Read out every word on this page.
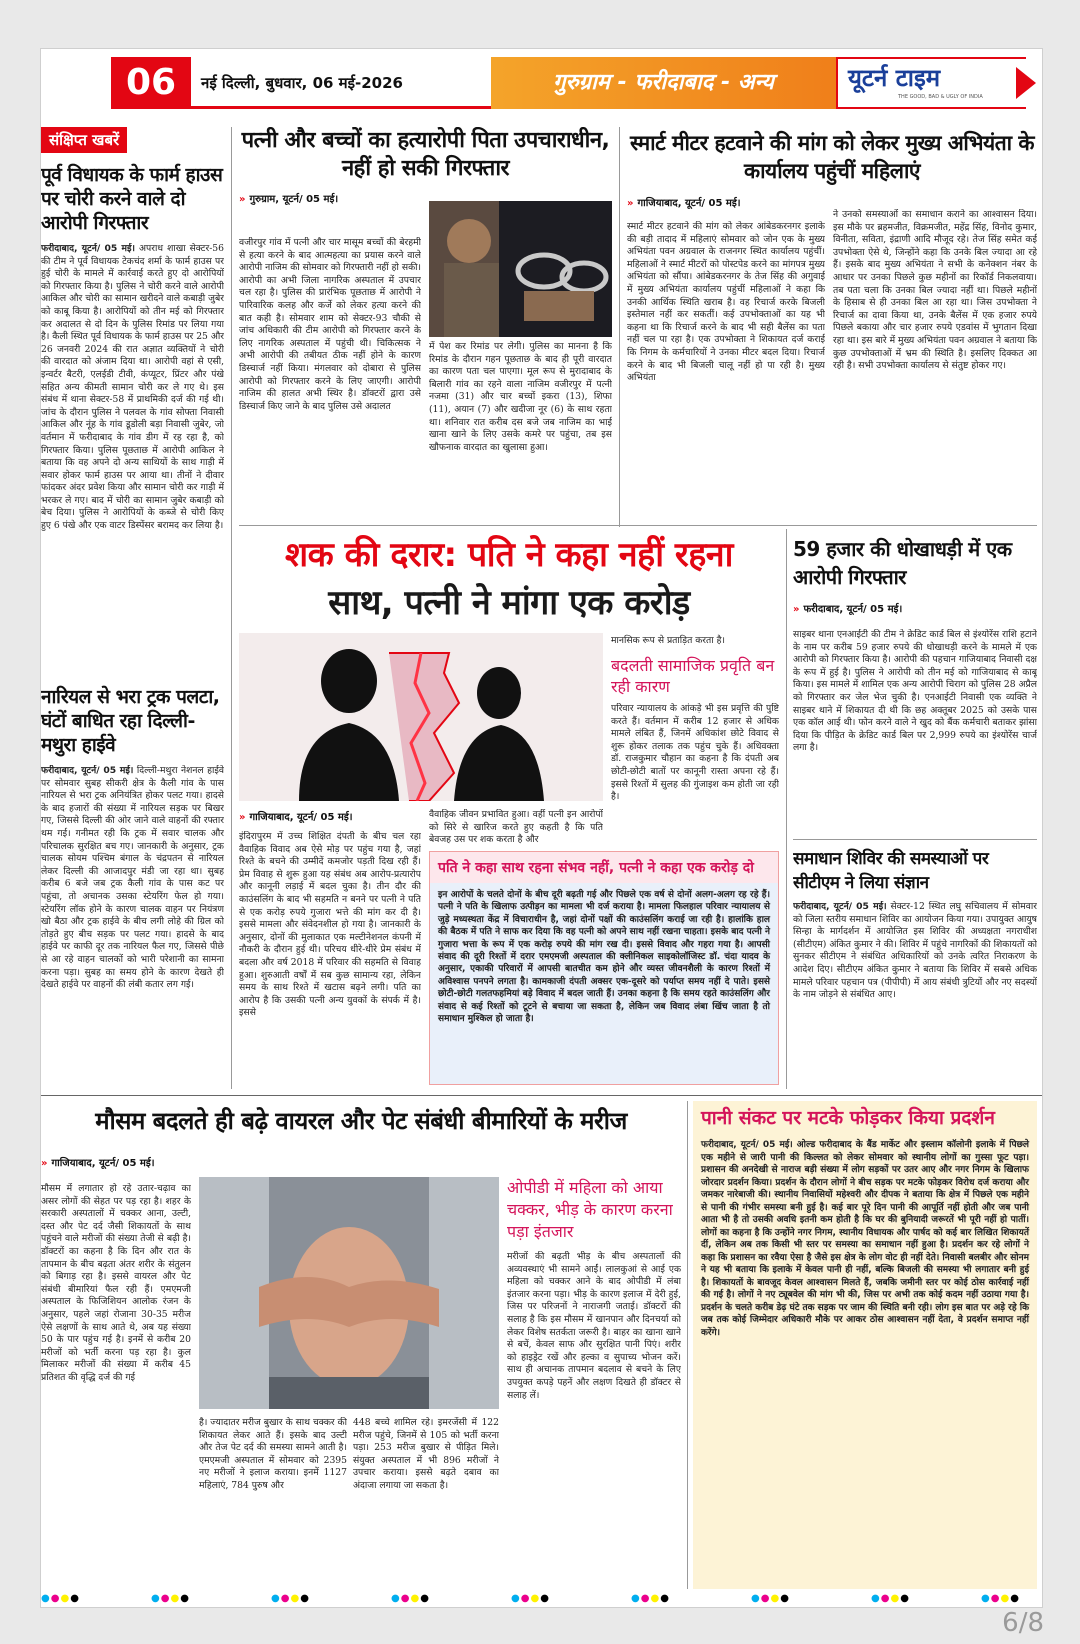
06	नई दिल्ली, बुधवार, 06 मई-2026	गुरुग्राम - फरीदाबाद - अन्य	यूटर्न टाइम
THE GOOD, BAD & UGLY OF INDIA
संक्षिप्त खबरें
पूर्व विधायक के फार्म हाउस पर चोरी करने वाले दो आरोपी गिरफ्तार
फरीदाबाद, यूटर्न/ 05 मई। अपराध शाखा सेक्टर-56 की टीम ने पूर्व विधायक टेकचंद शर्मा के फार्म हाउस पर हुई चोरी के मामले में कार्रवाई करते हुए दो आरोपियों को गिरफ्तार किया है। पुलिस ने चोरी करने वाले आरोपी आकिल और चोरी का सामान खरीदने वाले कबाड़ी जुबेर को काबू किया है। आरोपियों को तीन मई को गिरफ्तार कर अदालत से दो दिन के पुलिस रिमांड पर लिया गया है। कैली स्थित पूर्व विधायक के फार्म हाउस पर 25 और 26 जनवरी 2024 की रात अज्ञात व्यक्तियों ने चोरी की वारदात को अंजाम दिया था। आरोपी वहां से एसी, इन्वर्टर बैटरी, एलईडी टीवी, कंप्यूटर, प्रिंटर और पंखे सहित अन्य कीमती सामान चोरी कर ले गए थे। इस संबंध में थाना सेक्टर-58 में प्राथमिकी दर्ज की गई थी। जांच के दौरान पुलिस ने पलवल के गांव सोफ्ता निवासी आकिल और नूंह के गांव डूडोली बड़ा निवासी जुबेर, जो वर्तमान में फरीदाबाद के गांव डीग में रह रहा है, को गिरफ्तार किया। पुलिस पूछताछ में आरोपी आकिल ने बताया कि वह अपने दो अन्य साथियों के साथ गाड़ी में सवार होकर फार्म हाउस पर आया था। तीनों ने दीवार फांदकर अंदर प्रवेश किया और सामान चोरी कर गाड़ी में भरकर ले गए। बाद में चोरी का सामान जुबेर कबाड़ी को बेच दिया। पुलिस ने आरोपियों के कब्जे से चोरी किए हुए 6 पंखे और एक वाटर डिस्पेंसर बरामद कर लिया है।
नारियल से भरा ट्रक पलटा, घंटों बाधित रहा दिल्ली-मथुरा हाईवे
फरीदाबाद, यूटर्न/ 05 मई। दिल्ली-मथुरा नेशनल हाईवे पर सोमवार सुबह सीकरी क्षेत्र के कैली गांव के पास नारियल से भरा ट्रक अनियंत्रित होकर पलट गया। हादसे के बाद हजारों की संख्या में नारियल सड़क पर बिखर गए, जिससे दिल्ली की ओर जाने वाले वाहनों की रफ्तार थम गई। गनीमत रही कि ट्रक में सवार चालक और परिचालक सुरक्षित बच गए। जानकारी के अनुसार, ट्रक चालक सोयम पश्चिम बंगाल के चंद्रपतन से नारियल लेकर दिल्ली की आजादपुर मंडी जा रहा था। सुबह करीब 6 बजे जब ट्रक कैली गांव के पास कट पर पहुंचा, तो अचानक उसका स्टेयरिंग फेल हो गया। स्टेयरिंग लॉक होने के कारण चालक वाहन पर नियंत्रण खो बैठा और ट्रक हाईवे के बीच लगी लोहे की ग्रिल को तोड़ते हुए बीच सड़क पर पलट गया। हादसे के बाद हाईवे पर काफी दूर तक नारियल फैल गए, जिससे पीछे से आ रहे वाहन चालकों को भारी परेशानी का सामना करना पड़ा। सुबह का समय होने के कारण देखते ही देखते हाईवे पर वाहनों की लंबी कतार लग गई।
पत्नी और बच्चों का हत्यारोपी पिता उपचाराधीन, नहीं हो सकी गिरफ्तार
» गुरुग्राम, यूटर्न/ 05 मई।
वजीरपुर गांव में पत्नी और चार मासूम बच्चों की बेरहमी से हत्या करने के बाद आत्महत्या का प्रयास करने वाले आरोपी नाजिम की सोमवार को गिरफ्तारी नहीं हो सकी। आरोपी का अभी जिला नागरिक अस्पताल में उपचार चल रहा है। पुलिस की प्रारंभिक पूछताछ में आरोपी ने पारिवारिक कलह और कर्जे को लेकर हत्या करने की बात कही है। सोमवार शाम को सेक्टर-93 चौकी से जांच अधिकारी की टीम आरोपी को गिरफ्तार करने के लिए नागरिक अस्पताल में पहुंची थी। चिकित्सक ने अभी आरोपी की तबीयत ठीक नहीं होने के कारण डिस्चार्ज नहीं किया। मंगलवार को दोबारा से पुलिस आरोपी को गिरफ्तार करने के लिए जाएगी। आरोपी नाजिम की हालत अभी स्थिर है। डॉक्टरों द्वारा उसे डिस्चार्ज किए जाने के बाद पुलिस उसे अदालत
में पेश कर रिमांड पर लेगी। पुलिस का मानना है कि रिमांड के दौरान गहन पूछताछ के बाद ही पूरी वारदात का कारण पता चल पाएगा। मूल रूप से मुरादाबाद के बिलारी गांव का रहने वाला नाजिम वजीरपुर में पत्नी नजमा (31) और चार बच्चों इकरा (13), शिफा (11), अयान (7) और खदीजा नूर (6) के साथ रहता था। शनिवार रात करीब दस बजे जब नाजिम का भाई खाना खाने के लिए उसके कमरे पर पहुंचा, तब इस खौफनाक वारदात का खुलासा हुआ।
स्मार्ट मीटर हटवाने की मांग को लेकर मुख्य अभियंता के कार्यालय पहुंचीं महिलाएं
» गाजियाबाद, यूटर्न/ 05 मई।
स्मार्ट मीटर हटवाने की मांग को लेकर आंबेडकरनगर इलाके की बड़ी तादाद में महिलाएं सोमवार को जोन एक के मुख्य अभियंता पवन अग्रवाल के राजनगर स्थित कार्यालय पहुंचीं। महिलाओं ने स्मार्ट मीटरों को पोस्टपेड करने का मांगपत्र मुख्य अभियंता को सौंपा। आंबेडकरनगर के तेज सिंह की अगुवाई में मुख्य अभियंता कार्यालय पहुंचीं महिलाओं ने कहा कि उनकी आर्थिक स्थिति खराब है। वह रिचार्ज करके बिजली इस्तेमाल नहीं कर सकतीं। कई उपभोक्ताओं का यह भी कहना था कि रिचार्ज करने के बाद भी सही बैलेंस का पता नहीं चल पा रहा है। एक उपभोक्ता ने शिकायत दर्ज कराई कि निगम के कर्मचारियों ने उनका मीटर बदल दिया। रिचार्ज करने के बाद भी बिजली चालू नहीं हो पा रही है। मुख्य अभियंता
ने उनको समस्याओं का समाधान कराने का आश्वासन दिया। इस मौके पर ब्रहमजीत, विक्रमजीत, महेंद्र सिंह, विनोद कुमार, विनीता, सविता, इंद्राणी आदि मौजूद रहे। तेज सिंह समेत कई उपभोक्ता ऐसे थे, जिन्होंने कहा कि उनके बिल ज्यादा आ रहे हैं। इसके बाद मुख्य अभियंता ने सभी के कनेक्शन नंबर के आधार पर उनका पिछले कुछ महीनों का रिकॉर्ड निकलवाया। तब पता चला कि उनका बिल ज्यादा नहीं था। पिछले महीनों के हिसाब से ही उनका बिल आ रहा था। जिस उपभोक्ता ने रिचार्ज का दावा किया था, उनके बैलेंस में एक हजार रुपये पिछले बकाया और चार हजार रुपये एडवांस में भुगतान दिखा रहा था। इस बारे में मुख्य अभियंता पवन अग्रवाल ने बताया कि कुछ उपभोक्ताओं में भ्रम की स्थिति है। इसलिए दिक्कत आ रही है। सभी उपभोक्ता कार्यालय से संतुष्ट होकर गए।
शक की दरार: पति ने कहा नहीं रहना
साथ, पत्नी ने मांगा एक करोड़
मानसिक रूप से प्रताड़ित करता है।
बदलती सामाजिक प्रवृति बन रही कारण
परिवार न्यायालय के आंकड़े भी इस प्रवृत्ति की पुष्टि करते हैं। वर्तमान में करीब 12 हजार से अधिक मामले लंबित हैं, जिनमें अधिकांश छोटे विवाद से शुरू होकर तलाक तक पहुंच चुके हैं। अधिवक्ता डॉ. राजकुमार चौहान का कहना है कि दंपती अब छोटी-छोटी बातों पर कानूनी रास्ता अपना रहे हैं। इससे रिश्तों में सुलह की गुंजाइश कम होती जा रही है।
» गाजियाबाद, यूटर्न/ 05 मई।	वैवाहिक जीवन प्रभावित हुआ। वहीं पत्नी इन आरोपों को सिरे से खारिज करते हुए कहती है कि पति बेवजह उस पर शक करता है और
इंदिरापुरम में उच्च शिक्षित दंपती के बीच चल रहा वैवाहिक विवाद अब ऐसे मोड़ पर पहुंच गया है, जहां रिश्ते के बचने की उम्मीदें कमजोर पड़ती दिख रही हैं। प्रेम विवाह से शुरू हुआ यह संबंध अब आरोप-प्रत्यारोप और कानूनी लड़ाई में बदल चुका है। तीन दौर की काउंसलिंग के बाद भी सहमति न बनने पर पत्नी ने पति से एक करोड़ रुपये गुजारा भत्ते की मांग कर दी है। इससे मामला और संवेदनशील हो गया है। जानकारी के अनुसार, दोनों की मुलाकात एक मल्टीनेशनल कंपनी में नौकरी के दौरान हुई थी। परिचय धीरे-धीरे प्रेम संबंध में बदला और वर्ष 2018 में परिवार की सहमति से विवाह हुआ। शुरुआती वर्षों में सब कुछ सामान्य रहा, लेकिन समय के साथ रिश्ते में खटास बढ़ने लगी। पति का आरोप है कि उसकी पत्नी अन्य युवकों के संपर्क में है। इससे
पति ने कहा साथ रहना संभव नहीं, पत्नी ने कहा एक करोड़ दो
इन आरोपों के चलते दोनों के बीच दूरी बढ़ती गई और पिछले एक वर्ष से दोनों अलग-अलग रह रहे हैं। पत्नी ने पति के खिलाफ उत्पीड़न का मामला भी दर्ज कराया है। मामला फिलहाल परिवार न्यायालय से जुड़े मध्यस्थता केंद्र में विचाराधीन है, जहां दोनों पक्षों की काउंसलिंग कराई जा रही है। हालांकि हाल की बैठक में पति ने साफ कर दिया कि वह पत्नी को अपने साथ नहीं रखना चाहता। इसके बाद पत्नी ने गुजारा भत्ता के रूप में एक करोड़ रुपये की मांग रख दी। इससे विवाद और गहरा गया है। आपसी संवाद की दूरी रिश्तों में दरार एमएमजी अस्पताल की क्लीनिकल साइकोलॉजिस्ट डॉ. चंदा यादव के अनुसार, एकाकी परिवारों में आपसी बातचीत कम होने और व्यस्त जीवनशैली के कारण रिश्तों में अविश्वास पनपने लगता है। कामकाजी दंपती अक्सर एक-दूसरे को पर्याप्त समय नहीं दे पाते। इससे छोटी-छोटी गलतफहमियां बड़े विवाद में बदल जाती हैं। उनका कहना है कि समय रहते काउंसलिंग और संवाद से कई रिश्तों को टूटने से बचाया जा सकता है, लेकिन जब विवाद लंबा खिंच जाता है तो समाधान मुश्किल हो जाता है।
59 हजार की धोखाधड़ी में एक आरोपी गिरफ्तार
» फरीदाबाद, यूटर्न/ 05 मई।
साइबर थाना एनआईटी की टीम ने क्रेडिट कार्ड बिल से इंश्योरेंस राशि हटाने के नाम पर करीब 59 हजार रुपये की धोखाधड़ी करने के मामले में एक आरोपी को गिरफ्तार किया है। आरोपी की पहचान गाजियाबाद निवासी दक्ष के रूप में हुई है। पुलिस ने आरोपी को तीन मई को गाजियाबाद से काबू किया। इस मामले में शामिल एक अन्य आरोपी चिराग को पुलिस 28 अप्रैल को गिरफ्तार कर जेल भेज चुकी है। एनआईटी निवासी एक व्यक्ति ने साइबर थाने में शिकायत दी थी कि छह अक्तूबर 2025 को उसके पास एक कॉल आई थी। फोन करने वाले ने खुद को बैंक कर्मचारी बताकर झांसा दिया कि पीड़ित के क्रेडिट कार्ड बिल पर 2,999 रुपये का इंश्योरेंस चार्ज लगा है।
समाधान शिविर की समस्याओं पर सीटीएम ने लिया संज्ञान
फरीदाबाद, यूटर्न/ 05 मई। सेक्टर-12 स्थित लघु सचिवालय में सोमवार को जिला स्तरीय समाधान शिविर का आयोजन किया गया। उपायुक्त आयुष सिन्हा के मार्गदर्शन में आयोजित इस शिविर की अध्यक्षता नगराधीश (सीटीएम) अंकित कुमार ने की। शिविर में पहुंचे नागरिकों की शिकायतों को सुनकर सीटीएम ने संबंधित अधिकारियों को उनके त्वरित निराकरण के आदेश दिए। सीटीएम अंकित कुमार ने बताया कि शिविर में सबसे अधिक मामले परिवार पहचान पत्र (पीपीपी) में आय संबंधी त्रुटियों और नए सदस्यों के नाम जोड़ने से संबंधित आए।
मौसम बदलते ही बढ़े वायरल और पेट संबंधी बीमारियों के मरीज
» गाजियाबाद, यूटर्न/ 05 मई।
मौसम में लगातार हो रहे उतार-चढ़ाव का असर लोगों की सेहत पर पड़ रहा है। शहर के सरकारी अस्पतालों में चक्कर आना, उल्टी, दस्त और पेट दर्द जैसी शिकायतों के साथ पहुंचने वाले मरीजों की संख्या तेजी से बढ़ी है। डॉक्टरों का कहना है कि दिन और रात के तापमान के बीच बढ़ता अंतर शरीर के संतुलन को बिगाड़ रहा है। इससे वायरल और पेट संबंधी बीमारियां फैल रही हैं। एमएमजी अस्पताल के फिजिशियन आलोक रंजन के अनुसार, पहले जहां रोजाना 30-35 मरीज ऐसे लक्षणों के साथ आते थे, अब यह संख्या 50 के पार पहुंच गई है। इनमें से करीब 20 मरीजों को भर्ती करना पड़ रहा है। कुल मिलाकर मरीजों की संख्या में करीब 45 प्रतिशत की वृद्धि दर्ज की गई
है। ज्यादातर मरीज बुखार के साथ चक्कर की शिकायत लेकर आते हैं। इसके बाद उल्टी और तेज पेट दर्द की समस्या सामने आती है। एमएमजी अस्पताल में सोमवार को 2395 नए मरीजों ने इलाज कराया। इनमें 1127 महिलाएं, 784 पुरुष और
448 बच्चे शामिल रहे। इमरजेंसी में 122 मरीज पहुंचे, जिनमें से 105 को भर्ती करना पड़ा। 253 मरीज बुखार से पीड़ित मिले। संयुक्त अस्पताल में भी 896 मरीजों ने उपचार कराया। इससे बढ़ते दबाव का अंदाजा लगाया जा सकता है।
ओपीडी में महिला को आया चक्कर, भीड़ के कारण करना पड़ा इंतजार
मरीजों की बढ़ती भीड़ के बीच अस्पतालों की अव्यवस्थाएं भी सामने आईं। लालकुआं से आई एक महिला को चक्कर आने के बाद ओपीडी में लंबा इंतजार करना पड़ा। भीड़ के कारण इलाज में देरी हुई, जिस पर परिजनों ने नाराजगी जताई। डॉक्टरों की सलाह है कि इस मौसम में खानपान और दिनचर्या को लेकर विशेष सतर्कता जरूरी है। बाहर का खाना खाने से बचें, केवल साफ और सुरक्षित पानी पिएं। शरीर को हाइड्रेट रखें और हल्का व सुपाच्य भोजन करें। साथ ही अचानक तापमान बदलाव से बचने के लिए उपयुक्त कपड़े पहनें और लक्षण दिखते ही डॉक्टर से सलाह लें।
पानी संकट पर मटके फोड़कर किया प्रदर्शन
फरीदाबाद, यूटर्न/ 05 मई। ओल्ड फरीदाबाद के बैंड मार्केट और इस्लाम कॉलोनी इलाके में पिछले एक महीने से जारी पानी की किल्लत को लेकर सोमवार को स्थानीय लोगों का गुस्सा फूट पड़ा। प्रशासन की अनदेखी से नाराज बड़ी संख्या में लोग सड़कों पर उतर आए और नगर निगम के खिलाफ जोरदार प्रदर्शन किया। प्रदर्शन के दौरान लोगों ने बीच सड़क पर मटके फोड़कर विरोध दर्ज कराया और जमकर नारेबाजी की। स्थानीय निवासियों महेश्वरी और दीपक ने बताया कि क्षेत्र में पिछले एक महीने से पानी की गंभीर समस्या बनी हुई है। कई बार पूरे दिन पानी की आपूर्ति नहीं होती और जब पानी आता भी है तो उसकी अवधि इतनी कम होती है कि घर की बुनियादी जरूरतें भी पूरी नहीं हो पातीं। लोगों का कहना है कि उन्होंने नगर निगम, स्थानीय विधायक और पार्षद को कई बार लिखित शिकायतें दीं, लेकिन अब तक किसी भी स्तर पर समस्या का समाधान नहीं हुआ है। प्रदर्शन कर रहे लोगों ने कहा कि प्रशासन का रवैया ऐसा है जैसे इस क्षेत्र के लोग वोट ही नहीं देते। निवासी बलबीर और सोनम ने यह भी बताया कि इलाके में केवल पानी ही नहीं, बल्कि बिजली की समस्या भी लगातार बनी हुई है। शिकायतों के बावजूद केवल आश्वासन मिलते हैं, जबकि जमीनी स्तर पर कोई ठोस कार्रवाई नहीं की गई है। लोगों ने नए ट्यूबवेल की मांग भी की, जिस पर अभी तक कोई कदम नहीं उठाया गया है। प्रदर्शन के चलते करीब डेढ़ घंटे तक सड़क पर जाम की स्थिति बनी रही। लोग इस बात पर अड़े रहे कि जब तक कोई जिम्मेदार अधिकारी मौके पर आकर ठोस आश्वासन नहीं देता, वे प्रदर्शन समाप्त नहीं करेंगे।
●●●●	●●●●	●●●●	●●●●	●●●●	●●●●	●●●●	●●●●	●●●●
6/8
